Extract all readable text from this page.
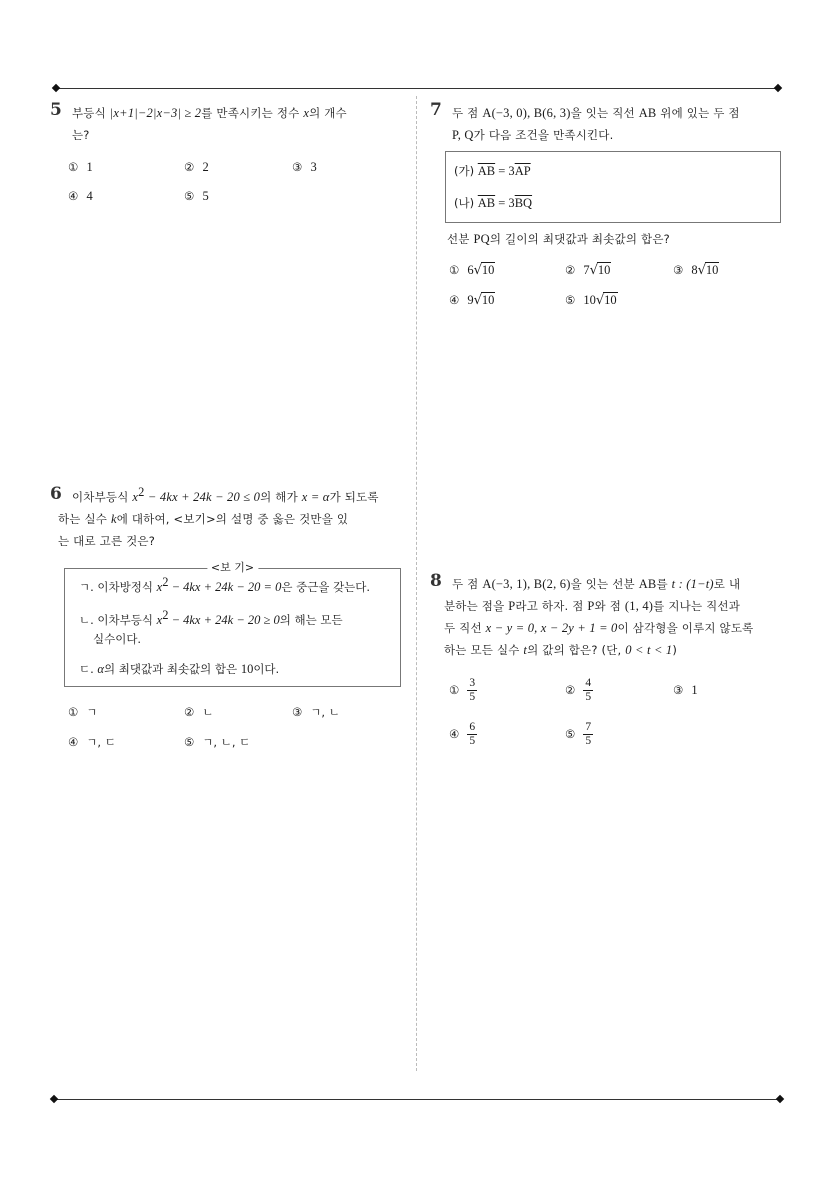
5 부등식 |x+1|−2|x−3| ≥ 2를 만족시키는 정수 x의 개수
는?

① 1	② 2	③ 3
④ 4	⑤ 5
6 이차부등식 $x^2 - 4kx + 24k - 20 \le 0$의 해가 x = α가 되도록
하는 실수 k에 대하여, <보기>의 설명 중 옳은 것만을 있
는 대로 고른 것은?

<보 기>
ㄱ. 이차방정식 $x^2 - 4kx + 24k - 20 = 0$은 중근을 갖는다.
ㄴ. 이차부등식 $x^2 - 4kx + 24k - 20 \ge 0$의 해는 모든
실수이다.
ㄷ. α의 최댓값과 최솟값의 합은 10이다.
① ㄱ	② ㄴ	③ ㄱ, ㄴ
④ ㄱ, ㄷ	⑤ ㄱ, ㄴ, ㄷ
7 두 점 A(−3, 0), B(6, 3)을 잇는 직선 AB 위에 있는 두 점
P, Q가 다음 조건을 만족시킨다.

(가) $\overline{AB} = 3\overline{AP}$
(나) $\overline{AB} = 3\overline{BQ}$

선분 PQ의 길이의 최댓값과 최솟값의 합은?

① 6√10	② 7√10	③ 8√10
④ 9√10	⑤ 10√10
8 두 점 A(−3, 1), B(2, 6)을 잇는 선분 AB를 t : (1−t)로 내
분하는 점을 P라고 하자. 점 P와 점 (1, 4)를 지나는 직선과
두 직선 x − y = 0, x − 2y + 1 = 0이 삼각형을 이루지 않도록
하는 모든 실수 t의 값의 합은? (단, 0 < t < 1)

① $\frac{3}{5}$	② $\frac{4}{5}$	③ 1
④ $\frac{6}{5}$	⑤ $\frac{7}{5}$
